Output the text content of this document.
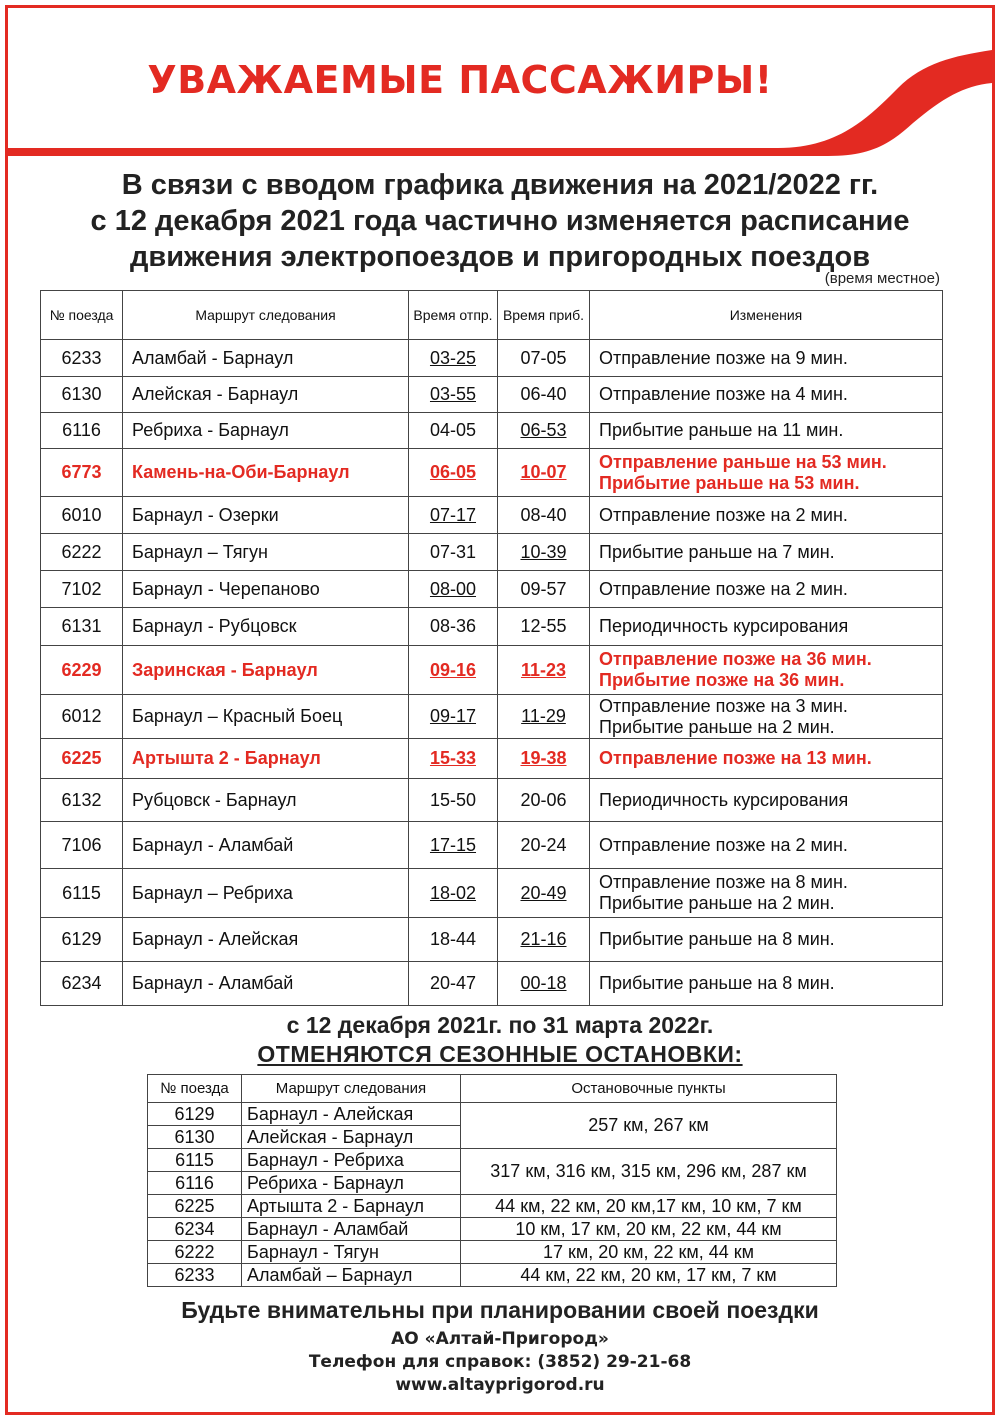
УВАЖАЕМЫЕ ПАССАЖИРЫ!
В связи с вводом графика движения на 2021/2022 гг.
с 12 декабря 2021 года частично изменяется расписание
движения электропоездов и пригородных поездов
(время местное)
№ поезда	Маршрут следования	Время отпр.	Время приб.	Изменения
6233	Аламбай - Барнаул	03-25	07-05	Отправление позже на 9 мин.

6130	Алейская - Барнаул	03-55	06-40	Отправление позже на 4 мин.

6116	Ребриха - Барнаул	04-05	06-53	Прибытие раньше на 11 мин.

6773	Камень-на-Оби-Барнаул	06-05	10-07	Отправление раньше на 53 мин.
Прибытие раньше на 53 мин.

6010	Барнаул - Озерки	07-17	08-40	Отправление позже на 2 мин.

6222	Барнаул – Тягун	07-31	10-39	Прибытие раньше на 7 мин.

7102	Барнаул - Черепаново	08-00	09-57	Отправление позже на 2 мин.

6131	Барнаул - Рубцовск	08-36	12-55	Периодичность курсирования

6229	Заринская - Барнаул	09-16	11-23	Отправление позже на 36 мин.
Прибытие позже на 36 мин.

6012	Барнаул – Красный Боец	09-17	11-29	Отправление позже на 3 мин.
Прибытие раньше на 2 мин.

6225	Артышта 2 - Барнаул	15-33	19-38	Отправление позже на 13 мин.

6132	Рубцовск - Барнаул	15-50	20-06	Периодичность курсирования

7106	Барнаул - Аламбай	17-15	20-24	Отправление позже на 2 мин.

6115	Барнаул – Ребриха	18-02	20-49	Отправление позже на 8 мин.
Прибытие раньше на 2 мин.

6129	Барнаул - Алейская	18-44	21-16	Прибытие раньше на 8 мин.

6234	Барнаул - Аламбай	20-47	00-18	Прибытие раньше на 8 мин.
с 12 декабря 2021г. по 31 марта 2022г.
ОТМЕНЯЮТСЯ СЕЗОННЫЕ ОСТАНОВКИ:
№ поезда	Маршрут следования	Остановочные пункты
6129	Барнаул - Алейская	257 км, 267 км
6130	Алейская - Барнаул	
6115	Барнаул - Ребриха	317 км, 316 км, 315 км, 296 км, 287 км
6116	Ребриха - Барнаул	
6225	Артышта 2 - Барнаул	44 км, 22 км, 20 км,17 км, 10 км, 7 км
6234	Барнаул - Аламбай	10 км, 17 км, 20 км, 22 км, 44 км
6222	Барнаул - Тягун	17 км, 20 км, 22 км, 44 км
6233	Аламбай – Барнаул	44 км, 22 км, 20 км, 17 км, 7 км
Будьте внимательны при планировании своей поездки
АО «Алтай-Пригород»
Телефон для справок: (3852) 29-21-68
www.altayprigorod.ru
